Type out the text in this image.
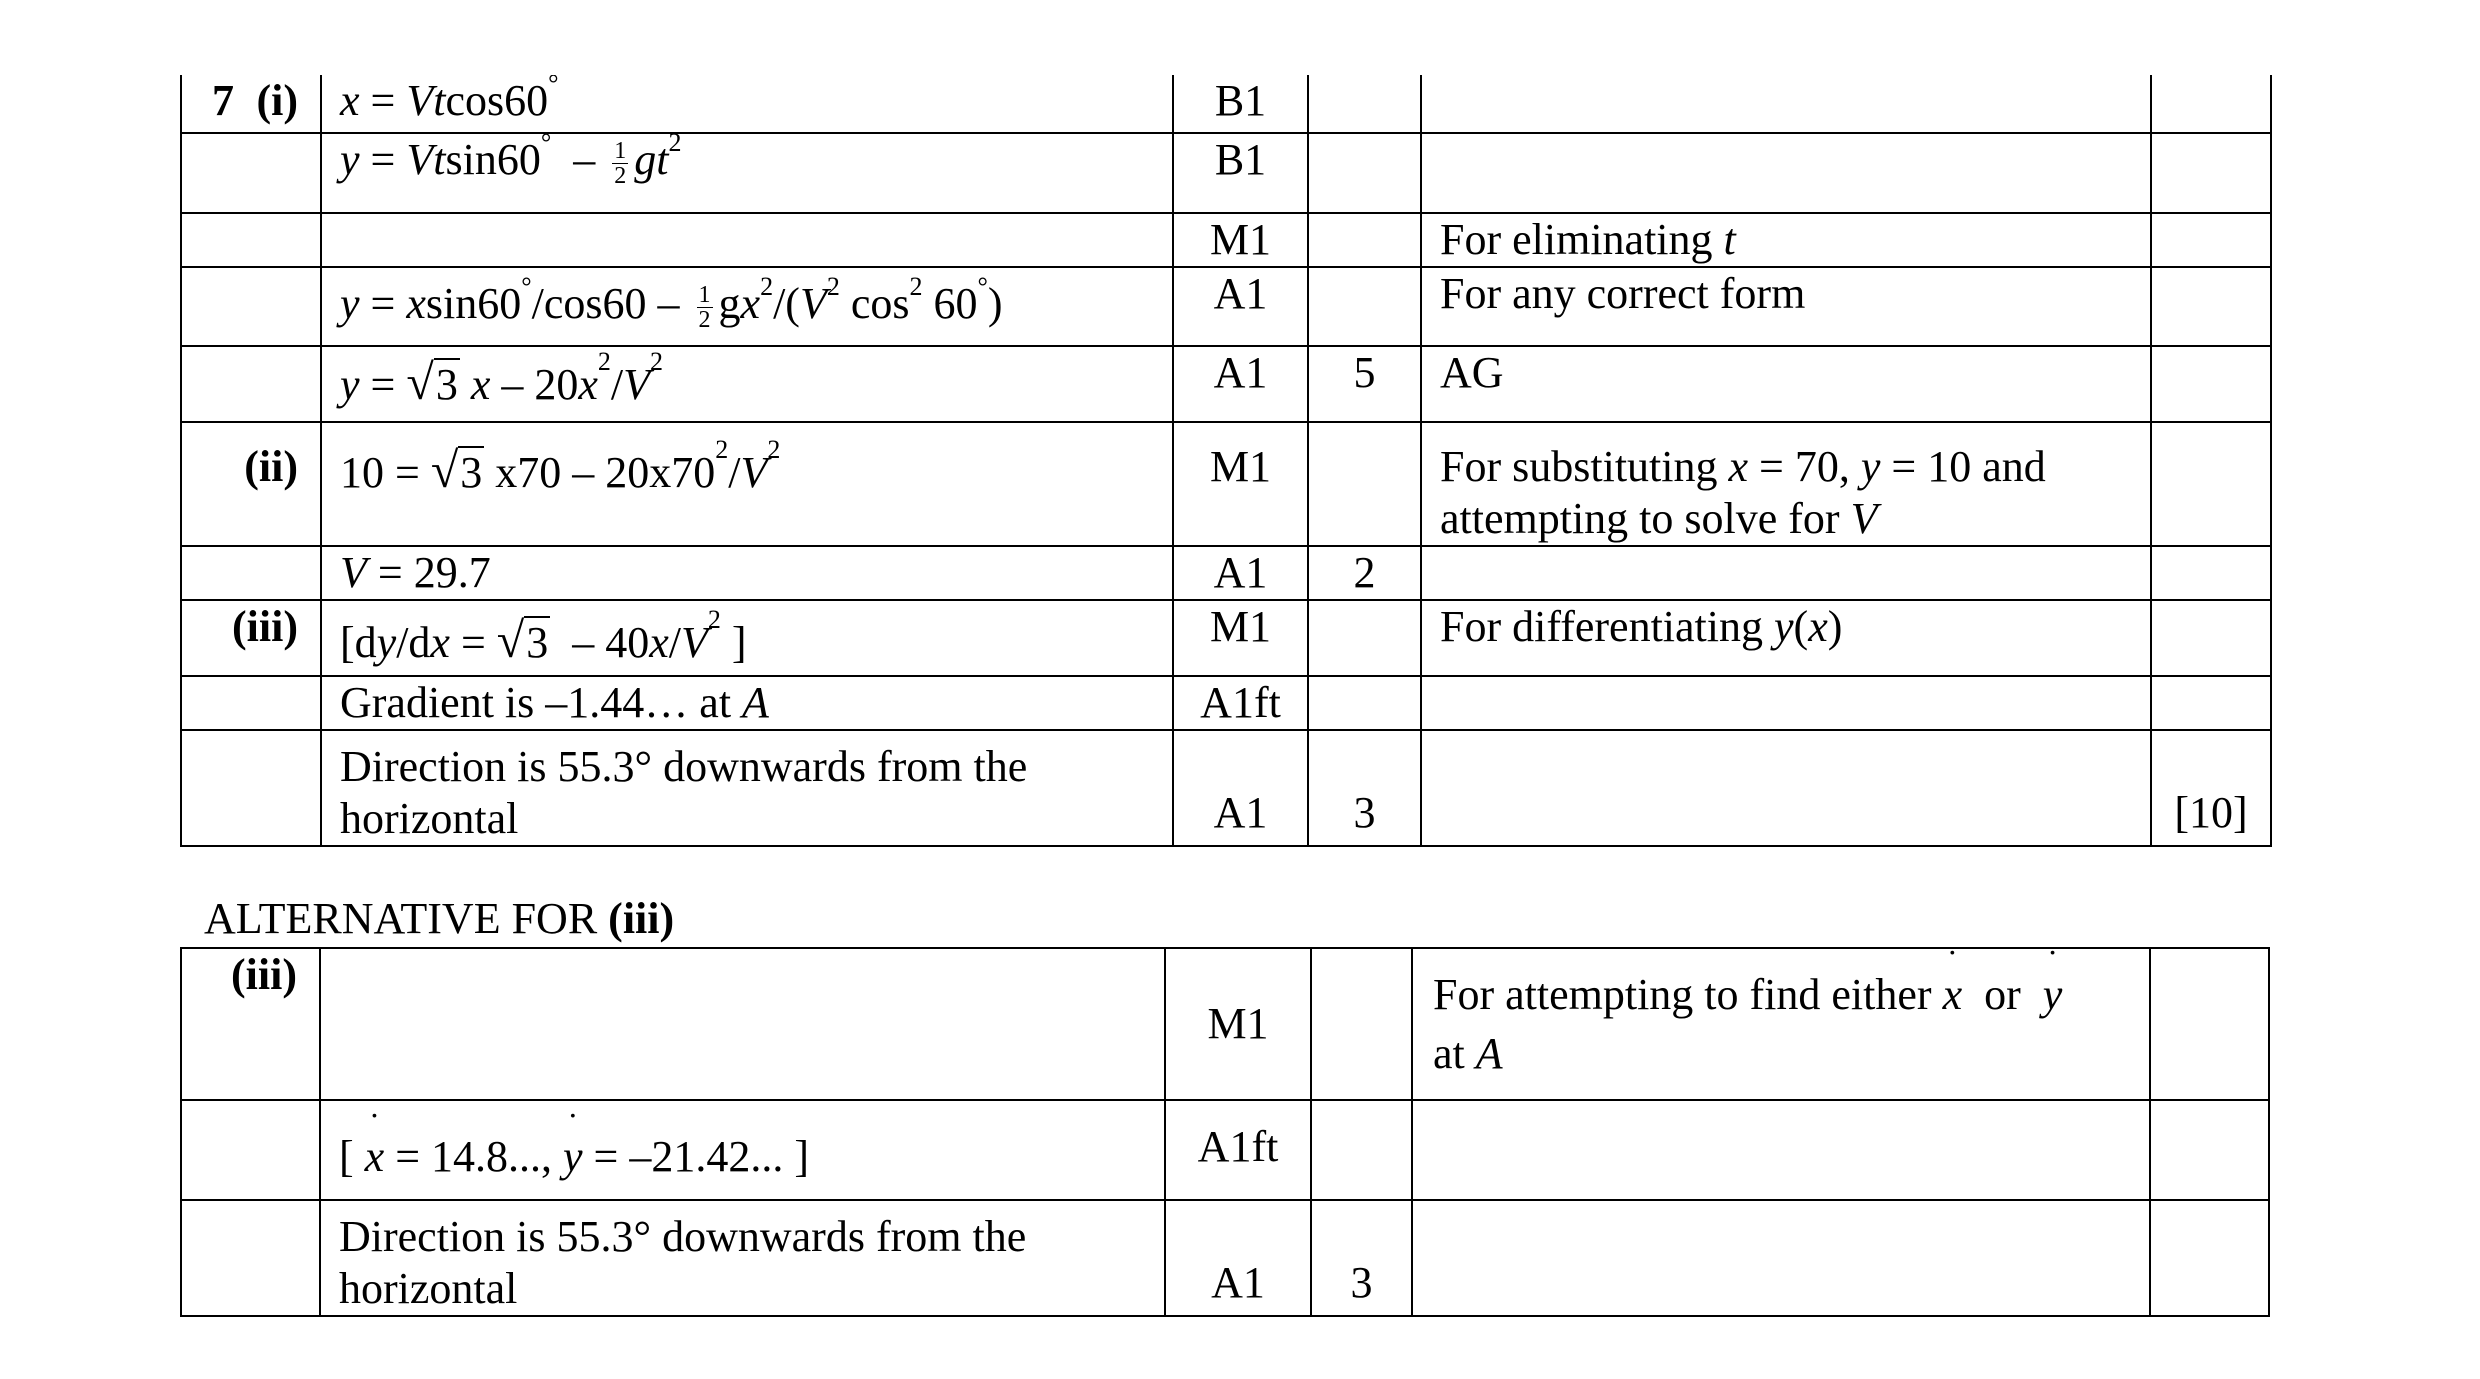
7 (i)	x = Vtcos60°	B1			
	$y = Vtsin60^\circ - \frac{1}{2} gt^2$	B1			
		M1		For eliminating t	
	$y = xsin60^\circ/\cos 60 - \frac{1}{2} gx^2/(V^2$ $\cos^2 60^\circ$)	A1		For any correct form	
	y = √3 x – $20x^2/V^2$	A1	5	AG	
(ii)	10 = √3 $x70 - 20x70^2/V^2$	M1		For substituting x = 70, y = 10 and attempting to solve for V	
	V = 29.7	A1	2		
(iii)	[$dy/dx = √3 - 40x/V^2$ ]	M1		For differentiating y(x)	
	Gradient is –1.44… at A	A1ft			
	Direction is 55.3° downwards from the horizontal	A1	3		[10]
ALTERNATIVE FOR (iii)
(iii)		M1		For attempting to find either · x  or  · y
at A	
	[ · x = 14.8..., · y = –21.42... ]	A1ft			
	Direction is 55.3° downwards from the horizontal	A1	3		
